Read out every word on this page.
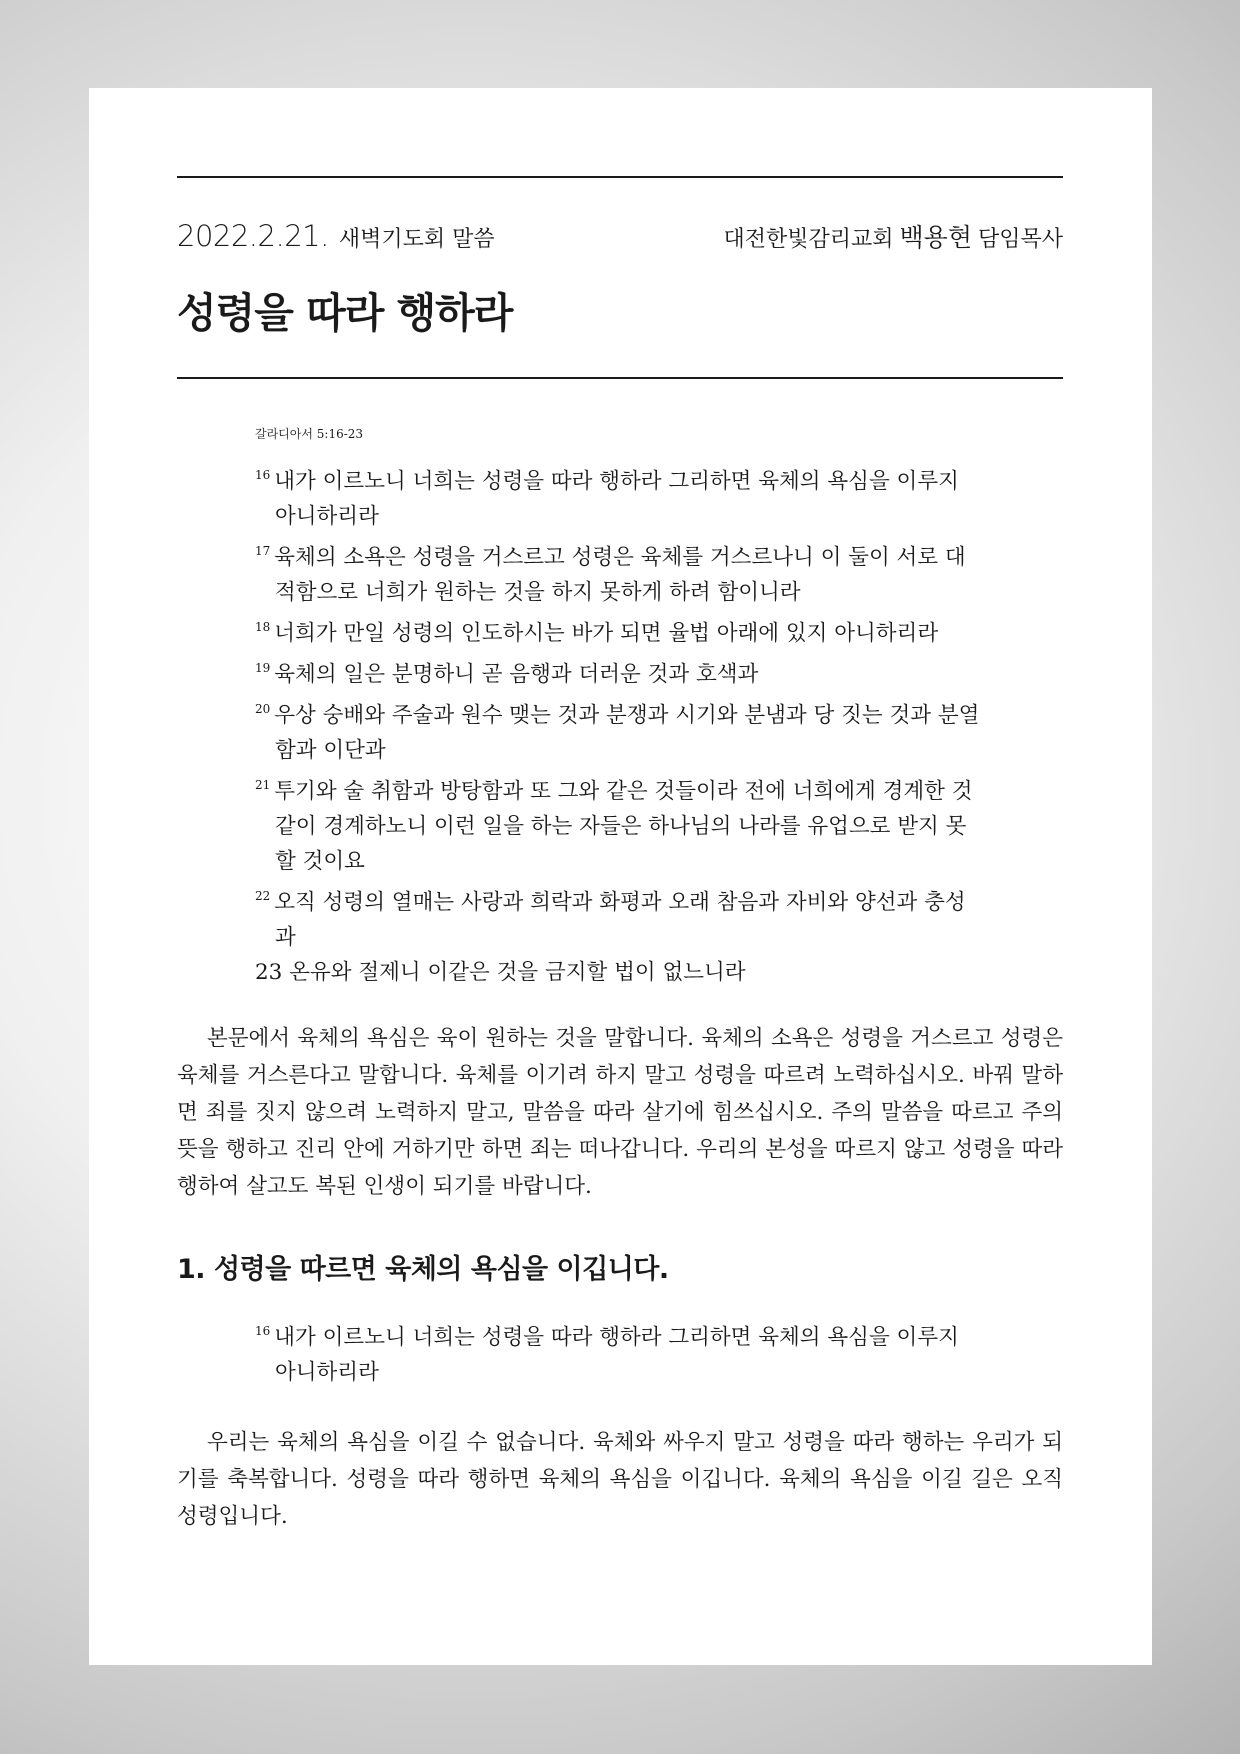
2022.2.21. 새벽기도회 말씀	대전한빛감리교회 백용현 담임목사
성령을 따라 행하라
갈라디아서 5:16-23
$^{16}$ 내가 이르노니 너희는 성령을 따라 행하라 그리하면 육체의 욕심을 이루지 아니하리라
$^{17}$ 육체의 소욕은 성령을 거스르고 성령은 육체를 거스르나니 이 둘이 서로 대적함으로 너희가 원하는 것을 하지 못하게 하려 함이니라
$^{18}$ 너희가 만일 성령의 인도하시는 바가 되면 율법 아래에 있지 아니하리라
$^{19}$ 육체의 일은 분명하니 곧 음행과 더러운 것과 호색과
$^{20}$ 우상 숭배와 주술과 원수 맺는 것과 분쟁과 시기와 분냄과 당 짓는 것과 분열함과 이단과
$^{21}$ 투기와 술 취함과 방탕함과 또 그와 같은 것들이라 전에 너희에게 경계한 것 같이 경계하노니 이런 일을 하는 자들은 하나님의 나라를 유업으로 받지 못할 것이요
$^{22}$ 오직 성령의 열매는 사랑과 희락과 화평과 오래 참음과 자비와 양선과 충성과
23 온유와 절제니 이같은 것을 금지할 법이 없느니라

본문에서 육체의 욕심은 육이 원하는 것을 말합니다. 육체의 소욕은 성령을 거스르고 성령은 육체를 거스른다고 말합니다. 육체를 이기려 하지 말고 성령을 따르려 노력하십시오. 바꿔 말하면 죄를 짓지 않으려 노력하지 말고, 말씀을 따라 살기에 힘쓰십시오. 주의 말씀을 따르고 주의 뜻을 행하고 진리 안에 거하기만 하면 죄는 떠나갑니다. 우리의 본성을 따르지 않고 성령을 따라 행하여 살고도 복된 인생이 되기를 바랍니다.

1. 성령을 따르면 육체의 욕심을 이깁니다.
$^{16}$ 내가 이르노니 너희는 성령을 따라 행하라 그리하면 육체의 욕심을 이루지 아니하리라

우리는 육체의 욕심을 이길 수 없습니다. 육체와 싸우지 말고 성령을 따라 행하는 우리가 되기를 축복합니다. 성령을 따라 행하면 육체의 욕심을 이깁니다. 육체의 욕심을 이길 길은 오직 성령입니다.
